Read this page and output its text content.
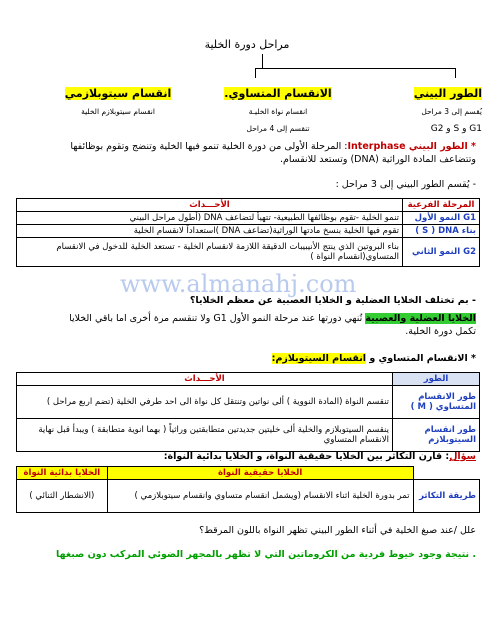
مراحل دورة الخلية
الطور البيني
يُقسم إلى 3 مراحل
G1 و S و G2
الانقسام المتساوي.
انقسام نواة الخليـة
تنقسم إلى 4 مراحل
انقسام سيتوبلازمي
انقسام سيتوبلازم الخلية
* الطور البيني Interphase: المرحلة الأولى من دورة الخلية تنمو فيها الخلية وتنضج وتقوم بوظائفها
وتتضاعف المادة الوراثية (DNA) وتستعد للانقسام.
- يُقسم الطور البيني إلى 3 مراحل :
المرحلة الفرعية	الأحـــداث
G1 النمو الأول	تنمو الخلية -تقوم بوظائفها الطبيعية- تتهيأ لتضاعف DNA (أطول مراحل البيني
بناء S ) DNA )	تقوم فيها الخلية بنسخ مادتها الوراثية(تضاعف DNA )استعداداً لانقسام الخلية
G2 النمو الثاني	بناء البروتين الذي ينتج الأنيبيبات الدقيقة اللازمة لانقسام الخلية - تستعد الخلية للدخول في الانقسام المتساوي(انقسام النواة )
- بم تختلف الخلايا العضلية و الخلايا العصبية عن معظم الخلايا؟
الخلايا العضلية والعصبية تُنهي دورتها عند مرحلة النمو الأول G1 ولا تنقسم مرة أخرى اما باقي الخلايا
تكمل دورة الخلية.
www.almanahj.com
* الانقسام المتساوي و انقسام السيتوبلازم:
الطور	الأحـــداث
طور الانقسام المتساوي ( M )	تنقسم النواة (المادة النووية ) ألى نواتين وتنتقل كل نواة الى احد طرفي الخلية (تضم اربع مراحل )
طور انقسام السيتوبلازم	ينقسم السيتوبلازم والخلية ألى خليتين جديدتين متطابقتين وراثياً ( بهما انوية متطابقة ) ويبدأ قبل نهاية الانقسام المتساوي
سؤال: قارن التكاثر بين الخلايا حقيقية النواة، و الخلايا بدائية النواة:
	الخلايا حقيقية النواة	الخلايا بدائية النواة
طريقة التكاثر	تمر بدورة الخلية اثناء الانقسام (ويشمل انقسام متساوي وانقسام سيتوبلازمي )	(الانشطار الثنائي )
علل /عند صبغ الخلية في أثناء الطور البيني تظهر النواة باللون المرقط؟
. نتيجة وجود خيوط فردية من الكروماتين التي لا تظهر بالمجهر الضوئي المركب دون صبغها
